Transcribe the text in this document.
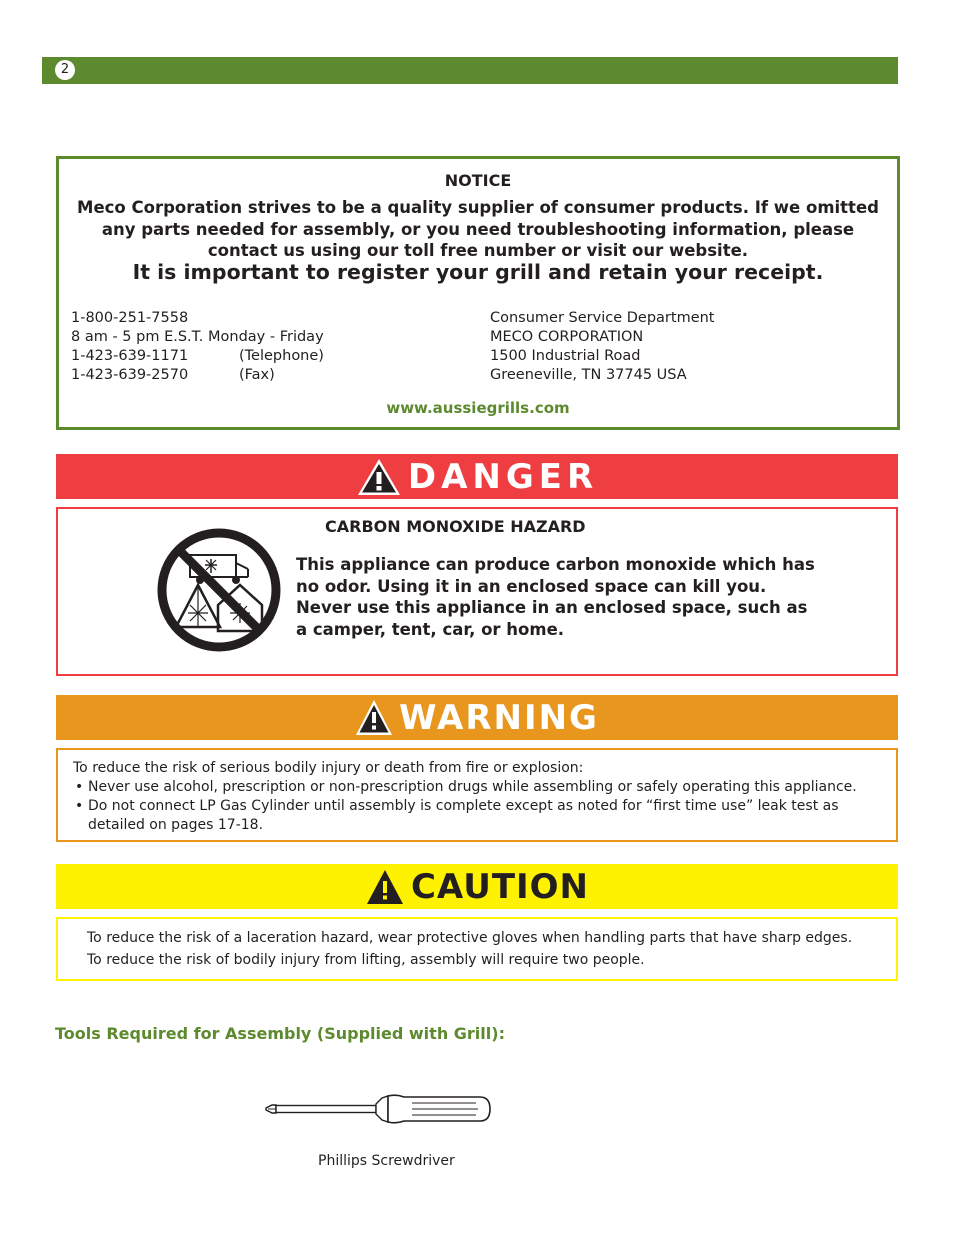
2
NOTICE
Meco Corporation strives to be a quality supplier of consumer products. If we omitted any parts needed for assembly, or you need troubleshooting information, please contact us using our toll free number or visit our website.
It is important to register your grill and retain your receipt.
1-800-251-7558
8 am - 5 pm E.S.T. Monday - Friday
1-423-639-1171	(Telephone)
1-423-639-2570	(Fax)
Consumer Service Department
MECO CORPORATION
1500 Industrial Road
Greeneville, TN 37745 USA
www.aussiegrills.com
DANGER
CARBON MONOXIDE HAZARD
This appliance can produce carbon monoxide which has no odor. Using it in an enclosed space can kill you. Never use this appliance in an enclosed space, such as a camper, tent, car, or home.
WARNING
To reduce the risk of serious bodily injury or death from fire or explosion:
• Never use alcohol, prescription or non-prescription drugs while assembling or safely operating this appliance.
• Do not connect LP Gas Cylinder until assembly is complete except as noted for “first time use” leak test as detailed on pages 17-18.
CAUTION
To reduce the risk of a laceration hazard, wear protective gloves when handling parts that have sharp edges.
To reduce the risk of bodily injury from lifting, assembly will require two people.
Tools Required for Assembly (Supplied with Grill):
Phillips Screwdriver
